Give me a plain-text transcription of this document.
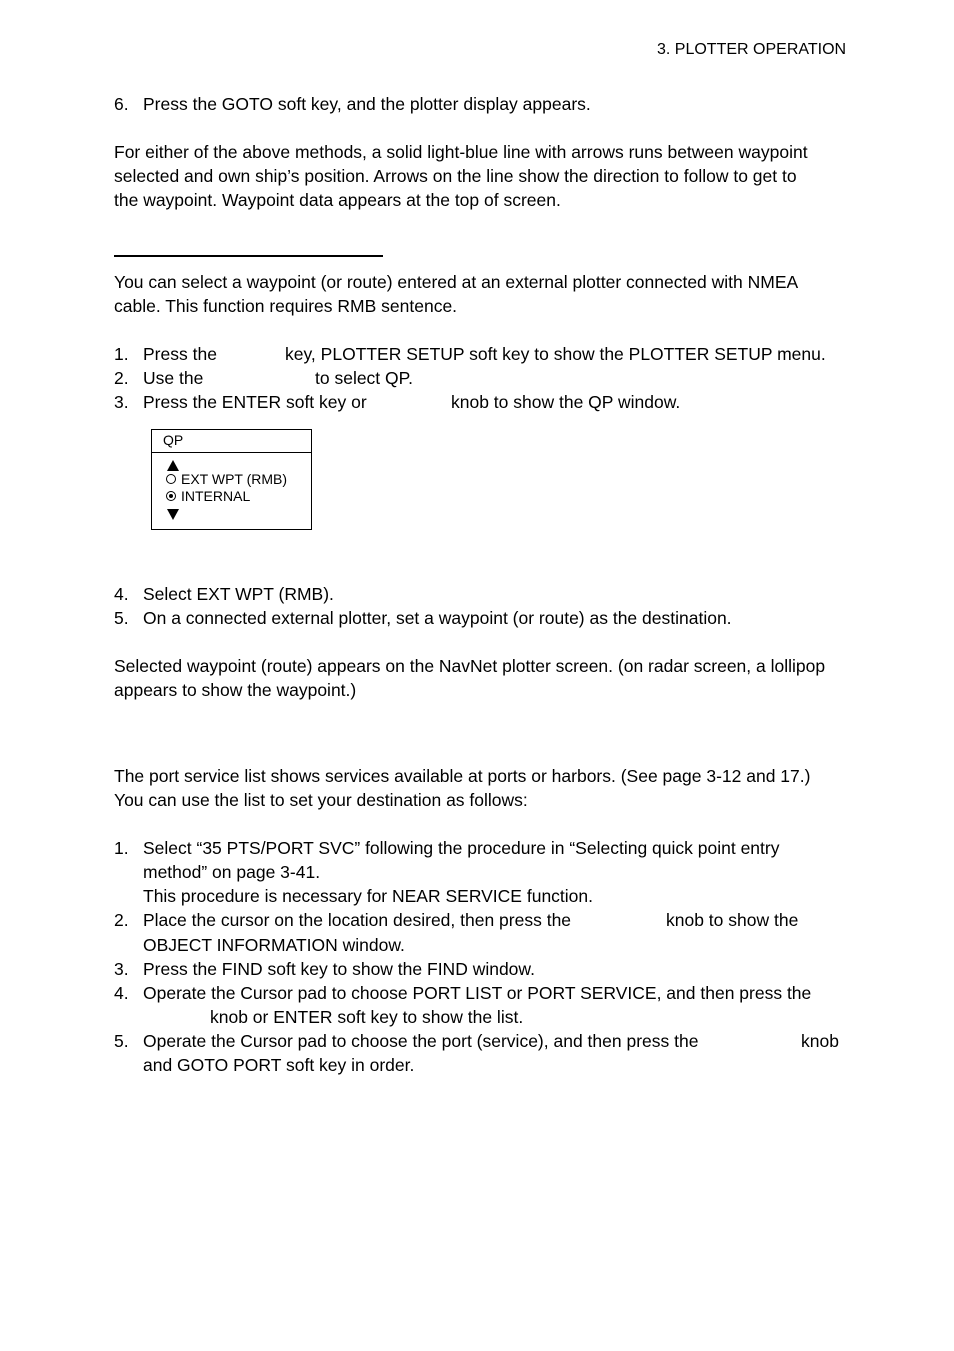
3. PLOTTER OPERATION
6. Press the GOTO soft key, and the plotter display appears.
For either of the above methods, a solid light-blue line with arrows runs between waypoint
selected and own ship’s position. Arrows on the line show the direction to follow to get to
the waypoint. Waypoint data appears at the top of screen.
You can select a waypoint (or route) entered at an external plotter connected with NMEA
cable. This function requires RMB sentence.
1. Press the	key, PLOTTER SETUP soft key to show the PLOTTER SETUP menu.
2. Use the	to select QP.
3. Press the ENTER soft key or	knob to show the QP window.
QP
EXT WPT (RMB)
INTERNAL
4. Select EXT WPT (RMB).
5. On a connected external plotter, set a waypoint (or route) as the destination.
Selected waypoint (route) appears on the NavNet plotter screen. (on radar screen, a lollipop
appears to show the waypoint.)
The port service list shows services available at ports or harbors. (See page 3-12 and 17.)
You can use the list to set your destination as follows:
1. Select “35 PTS/PORT SVC” following the procedure in “Selecting quick point entry
method” on page 3-41.
This procedure is necessary for NEAR SERVICE function.
2. Place the cursor on the location desired, then press the	knob to show the
OBJECT INFORMATION window.
3. Press the FIND soft key to show the FIND window.
4. Operate the Cursor pad to choose PORT LIST or PORT SERVICE, and then press the
knob or ENTER soft key to show the list.
5. Operate the Cursor pad to choose the port (service), and then press the	knob
and GOTO PORT soft key in order.
